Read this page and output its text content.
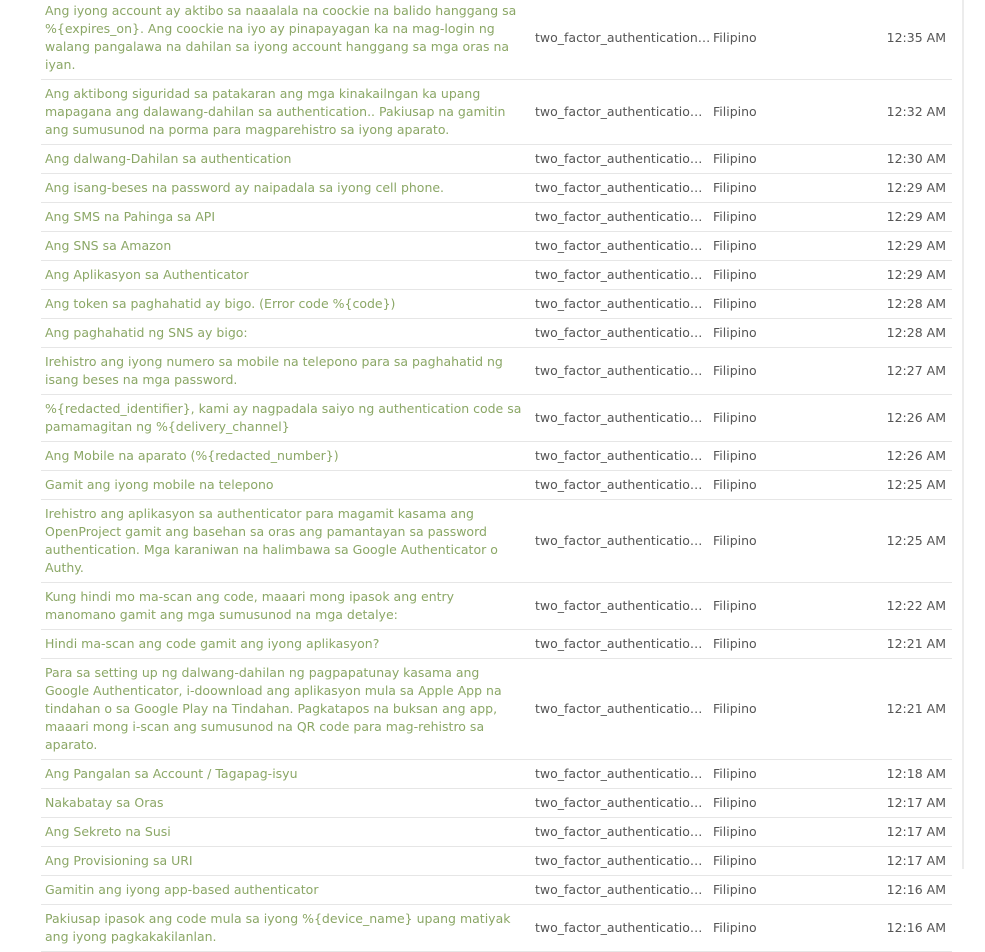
Ang iyong account ay aktibo sa naaalala na coockie na balido hanggang sa %{expires_on}. Ang coockie na iyo ay pinapayagan ka na mag-login ng walang pangalawa na dahilan sa iyong account hanggang sa mga oras na iyan.	two_factor_authentication…	Filipino	12:35 AM
Ang aktibong siguridad sa patakaran ang mga kinakailngan ka upang mapagana ang dalawang-dahilan sa authentication.. Pakiusap na gamitin ang sumusunod na porma para magparehistro sa iyong aparato.	two_factor_authenticatio…	Filipino	12:32 AM
Ang dalwang-Dahilan sa authentication	two_factor_authenticatio…	Filipino	12:30 AM
Ang isang-beses na password ay naipadala sa iyong cell phone.	two_factor_authenticatio…	Filipino	12:29 AM
Ang SMS na Pahinga sa API	two_factor_authenticatio…	Filipino	12:29 AM
Ang SNS sa Amazon	two_factor_authenticatio…	Filipino	12:29 AM
Ang Aplikasyon sa Authenticator	two_factor_authenticatio…	Filipino	12:29 AM
Ang token sa paghahatid ay bigo. (Error code %{code})	two_factor_authenticatio…	Filipino	12:28 AM
Ang paghahatid ng SNS ay bigo:	two_factor_authenticatio…	Filipino	12:28 AM
Irehistro ang iyong numero sa mobile na telepono para sa paghahatid ng isang beses na mga password.	two_factor_authenticatio…	Filipino	12:27 AM
%{redacted_identifier}, kami ay nagpadala saiyo ng authentication code sa pamamagitan ng %{delivery_channel}	two_factor_authenticatio…	Filipino	12:26 AM
Ang Mobile na aparato (%{redacted_number})	two_factor_authenticatio…	Filipino	12:26 AM
Gamit ang iyong mobile na telepono	two_factor_authenticatio…	Filipino	12:25 AM
Irehistro ang aplikasyon sa authenticator para magamit kasama ang OpenProject gamit ang basehan sa oras ang pamantayan sa password authentication. Mga karaniwan na halimbawa sa Google Authenticator o Authy.	two_factor_authenticatio…	Filipino	12:25 AM
Kung hindi mo ma-scan ang code, maaari mong ipasok ang entry manomano gamit ang mga sumusunod na mga detalye:	two_factor_authenticatio…	Filipino	12:22 AM
Hindi ma-scan ang code gamit ang iyong aplikasyon?	two_factor_authenticatio…	Filipino	12:21 AM
Para sa setting up ng dalwang-dahilan ng pagpapatunay kasama ang Google Authenticator, i-doownload ang aplikasyon mula sa Apple App na tindahan o sa Google Play na Tindahan. Pagkatapos na buksan ang app, maaari mong i-scan ang sumusunod na QR code para mag-rehistro sa aparato.	two_factor_authenticatio…	Filipino	12:21 AM
Ang Pangalan sa Account / Tagapag-isyu	two_factor_authenticatio…	Filipino	12:18 AM
Nakabatay sa Oras	two_factor_authenticatio…	Filipino	12:17 AM
Ang Sekreto na Susi	two_factor_authenticatio…	Filipino	12:17 AM
Ang Provisioning sa URI	two_factor_authenticatio…	Filipino	12:17 AM
Gamitin ang iyong app-based authenticator	two_factor_authenticatio…	Filipino	12:16 AM
Pakiusap ipasok ang code mula sa iyong %{device_name} upang matiyak ang iyong pagkakakilanlan.	two_factor_authenticatio…	Filipino	12:16 AM
